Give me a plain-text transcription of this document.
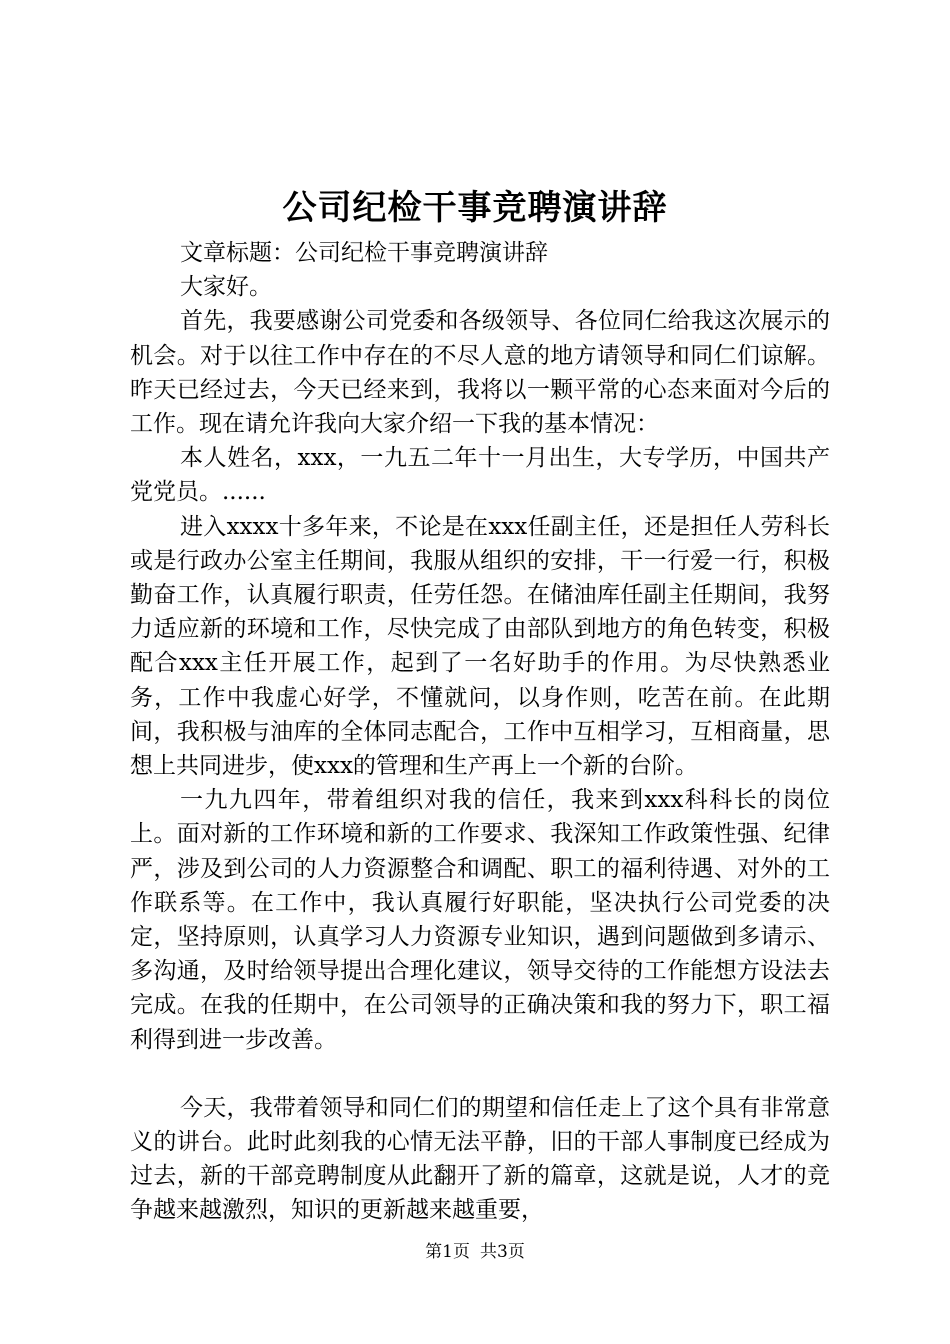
公司纪检干事竞聘演讲辞

文章标题：公司纪检干事竞聘演讲辞

大家好。

首先，我要感谢公司党委和各级领导、各位同仁给我这次展示的机会。对于以往工作中存在的不尽人意的地方请领导和同仁们谅解。昨天已经过去，今天已经来到，我将以一颗平常的心态来面对今后的工作。现在请允许我向大家介绍一下我的基本情况：

本人姓名，xxx，一九五二年十一月出生，大专学历，中国共产党党员。......

进入xxxx十多年来，不论是在xxx任副主任，还是担任人劳科长或是行政办公室主任期间，我服从组织的安排，干一行爱一行，积极勤奋工作，认真履行职责，任劳任怨。在储油库任副主任期间，我努力适应新的环境和工作，尽快完成了由部队到地方的角色转变，积极配合xxx主任开展工作，起到了一名好助手的作用。为尽快熟悉业务，工作中我虚心好学，不懂就问，以身作则，吃苦在前。在此期间，我积极与油库的全体同志配合，工作中互相学习，互相商量，思想上共同进步，使xxx的管理和生产再上一个新的台阶。

一九九四年，带着组织对我的信任，我来到xxx科科长的岗位上。面对新的工作环境和新的工作要求、我深知工作政策性强、纪律严，涉及到公司的人力资源整合和调配、职工的福利待遇、对外的工作联系等。在工作中，我认真履行好职能，坚决执行公司党委的决定，坚持原则，认真学习人力资源专业知识，遇到问题做到多请示、多沟通，及时给领导提出合理化建议，领导交待的工作能想方设法去完成。在我的任期中，在公司领导的正确决策和我的努力下，职工福利得到进一步改善。

今天，我带着领导和同仁们的期望和信任走上了这个具有非常意义的讲台。此时此刻我的心情无法平静，旧的干部人事制度已经成为过去，新的干部竞聘制度从此翻开了新的篇章，这就是说，人才的竞争越来越激烈，知识的更新越来越重要，

第1页 共3页
